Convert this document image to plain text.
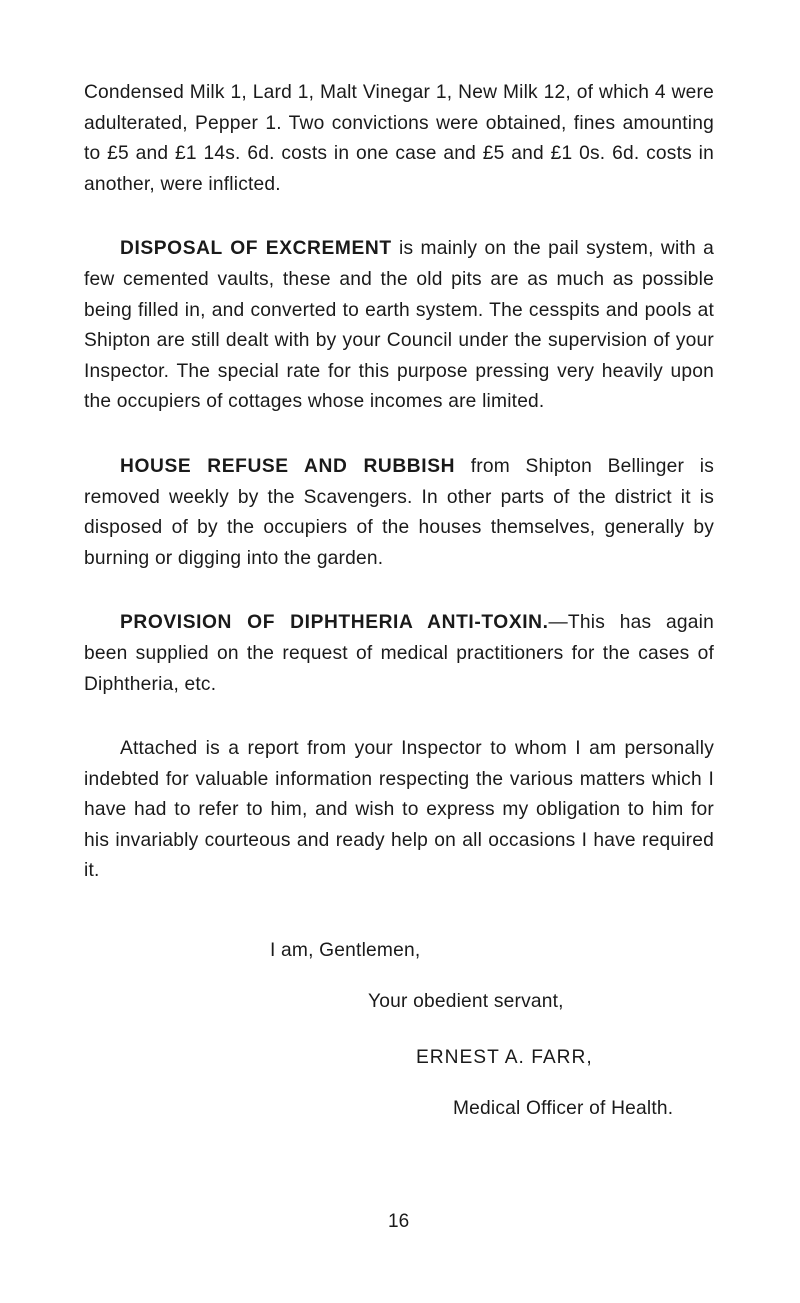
Condensed Milk 1, Lard 1, Malt Vinegar 1, New Milk 12, of which 4 were adulterated, Pepper 1. Two convictions were obtained, fines amounting to £5 and £1 14s. 6d. costs in one case and £5 and £1 0s. 6d. costs in another, were inflicted.

DISPOSAL OF EXCREMENT is mainly on the pail system, with a few cemented vaults, these and the old pits are as much as possible being filled in, and converted to earth system. The cesspits and pools at Shipton are still dealt with by your Council under the supervision of your Inspector. The special rate for this purpose pressing very heavily upon the occupiers of cottages whose incomes are limited.

HOUSE REFUSE AND RUBBISH from Shipton Bellinger is removed weekly by the Scavengers. In other parts of the district it is disposed of by the occupiers of the houses themselves, generally by burning or digging into the garden.

PROVISION OF DIPHTHERIA ANTI-TOXIN.—This has again been supplied on the request of medical practitioners for the cases of Diphtheria, etc.

Attached is a report from your Inspector to whom I am personally indebted for valuable information respecting the various matters which I have had to refer to him, and wish to express my obligation to him for his invariably courteous and ready help on all occasions I have required it.

I am, Gentlemen,
Your obedient servant,
ERNEST A. FARR,
Medical Officer of Health.
16
